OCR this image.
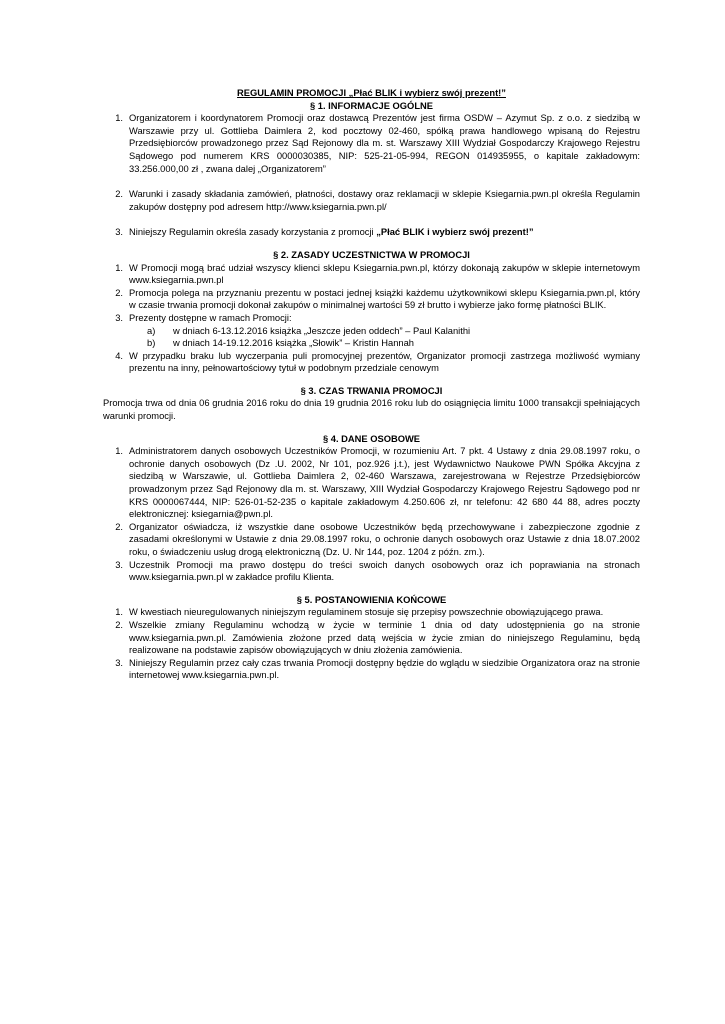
REGULAMIN PROMOCJI „Płać BLIK i wybierz swój prezent!”
§ 1. INFORMACJE OGÓLNE
1. Organizatorem i koordynatorem Promocji oraz dostawcą Prezentów jest firma OSDW – Azymut Sp. z o.o. z siedzibą w Warszawie przy ul. Gottlieba Daimlera 2, kod pocztowy 02-460, spółką prawa handlowego wpisaną do Rejestru Przedsiębiorców prowadzonego przez Sąd Rejonowy dla m. st. Warszawy XIII Wydział Gospodarczy Krajowego Rejestru Sądowego pod numerem KRS 0000030385, NIP: 525-21-05-994, REGON 014935955, o kapitale zakładowym: 33.256.000,00 zł , zwana dalej „Organizatorem”
2. Warunki i zasady składania zamówień, płatności, dostawy oraz reklamacji w sklepie Ksiegarnia.pwn.pl określa Regulamin zakupów dostępny pod adresem http://www.ksiegarnia.pwn.pl/
3. Niniejszy Regulamin określa zasady korzystania z promocji „Płać BLIK i wybierz swój prezent!”
§ 2. ZASADY UCZESTNICTWA W PROMOCJI
1. W Promocji mogą brać udział wszyscy klienci sklepu Ksiegarnia.pwn.pl, którzy dokonają zakupów w sklepie internetowym www.ksiegarnia.pwn.pl
2. Promocja polega na przyznaniu prezentu w postaci jednej książki każdemu użytkownikowi sklepu Ksiegarnia.pwn.pl, który w czasie trwania promocji dokonał zakupów o minimalnej wartości 59 zł brutto i wybierze jako formę płatności BLIK.
3. Prezenty dostępne w ramach Promocji:
a) w dniach 6-13.12.2016 książka „Jeszcze jeden oddech” – Paul Kalanithi
b) w dniach 14-19.12.2016 książka „Słowik” – Kristin Hannah
4. W przypadku braku lub wyczerpania puli promocyjnej prezentów, Organizator promocji zastrzega możliwość wymiany prezentu na inny, pełnowartościowy tytuł w podobnym przedziale cenowym
§ 3. CZAS TRWANIA PROMOCJI
Promocja trwa od dnia 06 grudnia 2016 roku do dnia 19 grudnia 2016 roku lub do osiągnięcia limitu 1000 transakcji spełniających warunki promocji.
§ 4. DANE OSOBOWE
1. Administratorem danych osobowych Uczestników Promocji, w rozumieniu Art. 7 pkt. 4 Ustawy z dnia 29.08.1997 roku, o ochronie danych osobowych (Dz .U. 2002, Nr 101, poz.926 j.t.), jest Wydawnictwo Naukowe PWN Spółka Akcyjna z siedzibą w Warszawie, ul. Gottlieba Daimlera 2, 02-460 Warszawa, zarejestrowana w Rejestrze Przedsiębiorców prowadzonym przez Sąd Rejonowy dla m. st. Warszawy, XIII Wydział Gospodarczy Krajowego Rejestru Sądowego pod nr KRS 0000067444, NIP: 526-01-52-235 o kapitale zakładowym 4.250.606 zł, nr telefonu: 42 680 44 88, adres poczty elektronicznej: ksiegarnia@pwn.pl.
2. Organizator oświadcza, iż wszystkie dane osobowe Uczestników będą przechowywane i zabezpieczone zgodnie z zasadami określonymi w Ustawie z dnia 29.08.1997 roku, o ochronie danych osobowych oraz Ustawie z dnia 18.07.2002 roku, o świadczeniu usług drogą elektroniczną (Dz. U. Nr 144, poz. 1204 z późn. zm.).
3. Uczestnik Promocji ma prawo dostępu do treści swoich danych osobowych oraz ich poprawiania na stronach www.ksiegarnia.pwn.pl w zakładce profilu Klienta.
§ 5. POSTANOWIENIA KOŃCOWE
1. W kwestiach nieuregulowanych niniejszym regulaminem stosuje się przepisy powszechnie obowiązującego prawa.
2. Wszelkie zmiany Regulaminu wchodzą w życie w terminie 1 dnia od daty udostępnienia go na stronie www.ksiegarnia.pwn.pl. Zamówienia złożone przed datą wejścia w życie zmian do niniejszego Regulaminu, będą realizowane na podstawie zapisów obowiązujących w dniu złożenia zamówienia.
3. Niniejszy Regulamin przez cały czas trwania Promocji dostępny będzie do wglądu w siedzibie Organizatora oraz na stronie internetowej www.ksiegarnia.pwn.pl.
